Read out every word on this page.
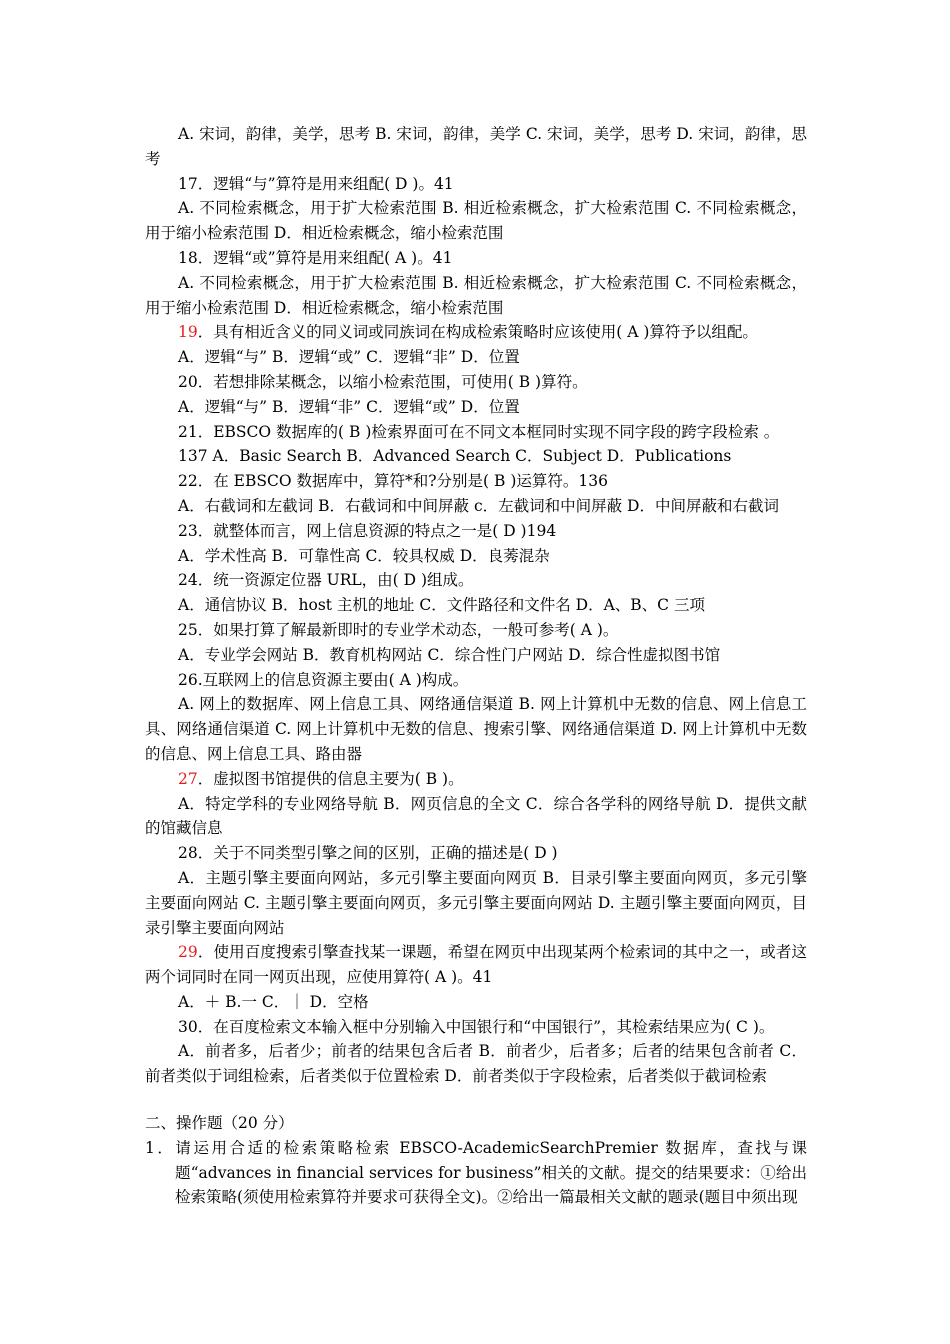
A. 宋词，韵律，美学，思考 B. 宋词，韵律，美学 C. 宋词，美学，思考 D. 宋词，韵律，思考

17．逻辑“与”算符是用来组配( D )。41

A. 不同检索概念，用于扩大检索范围 B. 相近检索概念，扩大检索范围 C. 不同检索概念，用于缩小检索范围 D．相近检索概念，缩小检索范围

18．逻辑“或”算符是用来组配( A )。41

A. 不同检索概念，用于扩大检索范围 B. 相近检索概念，扩大检索范围 C. 不同检索概念，用于缩小检索范围 D．相近检索概念，缩小检索范围

19．具有相近含义的同义词或同族词在构成检索策略时应该使用( A )算符予以组配。

A．逻辑“与” B．逻辑“或” C．逻辑“非” D．位置

20．若想排除某概念，以缩小检索范围，可使用( B )算符。

A．逻辑“与” B．逻辑“非” C．逻辑“或” D．位置

21．EBSCO 数据库的( B )检索界面可在不同文本框同时实现不同字段的跨字段检索 。

137 A．Basic Search B．Advanced Search C．Subject D．Publications

22．在 EBSCO 数据库中，算符*和?分别是( B )运算符。136

A．右截词和左截词 B．右截词和中间屏蔽 c．左截词和中间屏蔽 D．中间屏蔽和右截词

23．就整体而言，网上信息资源的特点之一是( D )194

A．学术性高 B．可靠性高 C．较具权威 D．良莠混杂

24．统一资源定位器 URL，由( D )组成。

A．通信协议 B．host 主机的地址 C．文件路径和文件名 D．A、B、C 三项

25．如果打算了解最新即时的专业学术动态，一般可参考( A )。

A．专业学会网站 B．教育机构网站 C．综合性门户网站 D．综合性虚拟图书馆

26.互联网上的信息资源主要由( A )构成。

A. 网上的数据库、网上信息工具、网络通信渠道 B. 网上计算机中无数的信息、网上信息工具、网络通信渠道 C. 网上计算机中无数的信息、搜索引擎、网络通信渠道 D. 网上计算机中无数的信息、网上信息工具、路由器

27．虚拟图书馆提供的信息主要为( B )。

A．特定学科的专业网络导航 B．网页信息的全文 C．综合各学科的网络导航 D．提供文献的馆藏信息

28．关于不同类型引擎之间的区别，正确的描述是( D )

A．主题引擎主要面向网站，多元引擎主要面向网页 B．目录引擎主要面向网页，多元引擎主要面向网站 C. 主题引擎主要面向网页，多元引擎主要面向网站 D. 主题引擎主要面向网页，目录引擎主要面向网站

29．使用百度搜索引擎查找某一课题，希望在网页中出现某两个检索词的其中之一，或者这两个词同时在同一网页出现，应使用算符( A )。41

A．＋ B.一 C．｜ D．空格

30．在百度检索文本输入框中分别输入中国银行和“中国银行”，其检索结果应为( C )。

A．前者多，后者少；前者的结果包含后者 B．前者少，后者多；后者的结果包含前者 C．前者类似于词组检索，后者类似于位置检索 D．前者类似于字段检索，后者类似于截词检索

二、操作题（20 分）

1．请运用合适的检索策略检索 EBSCO-AcademicSearchPremier 数据库，查找与课题“advances in financial services for business”相关的文献。提交的结果要求：①给出检索策略(须使用检索算符并要求可获得全文)。②给出一篇最相关文献的题录(题目中须出现
